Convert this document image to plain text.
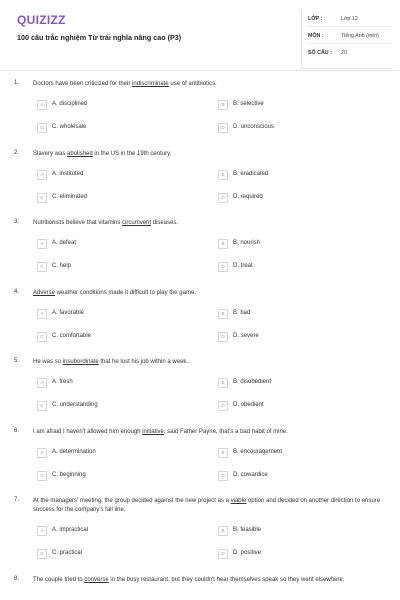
QUIZIZZ
100 câu trắc nghiệm Từ trái nghĩa nâng cao (P3)
LỚP :	Lớp 12
MÔN :	Tiếng Anh (mới)
SỐ CÂU : 20
1. Doctors have been criticized for their indiscriminate use of antibiotics.
A	A. disciplined	B	B. selective
C	C. wholesale	D	D. unconscious
2. Slavery was abolished in the US in the 19th century.
A	A. instituted	B	B. eradicated
C	C. eliminated	D	D. required
3. Nutritionists believe that vitamins circumvent diseases.
A	A. defeat	B	B. nourish
C	C. help	D	D. treat
4. Adverse weather conditions made it difficult to play the game.
A	A. favorable	B	B. bad
C	C. comfortable	D	D. severe
5. He was so insubordinate that he lost his job within a week.
A	A. fresh	B	B. disobedient
C	C. understanding	D	D. obedient
6. I am afraid I haven't allowed him enough initiative, said Father Payne, that's a bad habit of mine.
A	A. determination	B	B. encouragement
C	C. beginning	D	D. cowardice
7. At the managers' meeting, the group decided against the new project as a viable option and decided on another direction to ensure success for the company's fall line.
A	A. impractical	B	B. feasible
C	C. practical	D	D. positive
8. The couple tried to converse in the busy restaurant, but they couldn't hear themselves speak so they went elsewhere.
